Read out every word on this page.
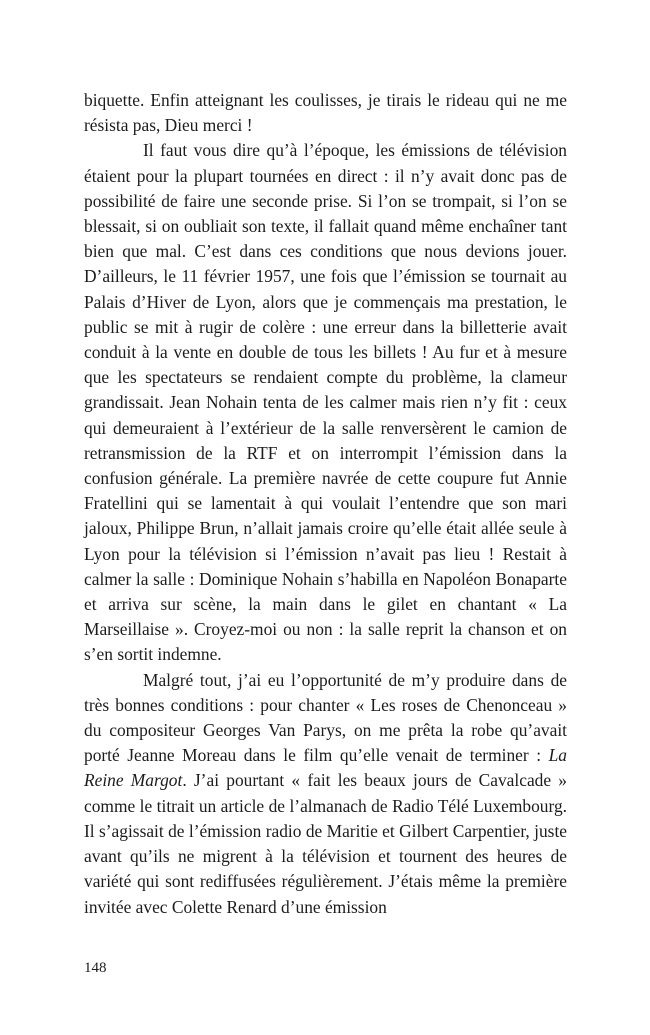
biquette. Enfin atteignant les coulisses, je tirais le rideau qui ne me résista pas, Dieu merci !

Il faut vous dire qu’à l’époque, les émissions de télévision étaient pour la plupart tournées en direct : il n’y avait donc pas de possibilité de faire une seconde prise. Si l’on se trompait, si l’on se blessait, si on oubliait son texte, il fallait quand même enchaîner tant bien que mal. C’est dans ces conditions que nous devions jouer. D’ailleurs, le 11 février 1957, une fois que l’émission se tournait au Palais d’Hiver de Lyon, alors que je commençais ma prestation, le public se mit à rugir de colère : une erreur dans la billetterie avait conduit à la vente en double de tous les billets ! Au fur et à mesure que les spectateurs se rendaient compte du problème, la clameur grandissait. Jean Nohain tenta de les calmer mais rien n’y fit : ceux qui demeuraient à l’extérieur de la salle renversèrent le camion de retransmission de la RTF et on interrompit l’émission dans la confusion générale. La première navrée de cette coupure fut Annie Fratellini qui se lamentait à qui voulait l’entendre que son mari jaloux, Philippe Brun, n’allait jamais croire qu’elle était allée seule à Lyon pour la télévision si l’émission n’avait pas lieu ! Restait à calmer la salle : Dominique Nohain s’habilla en Napoléon Bonaparte et arriva sur scène, la main dans le gilet en chantant « La Marseillaise ». Croyez-moi ou non : la salle reprit la chanson et on s’en sortit indemne.

Malgré tout, j’ai eu l’opportunité de m’y produire dans de très bonnes conditions : pour chanter « Les roses de Chenonceau » du compositeur Georges Van Parys, on me prêta la robe qu’avait porté Jeanne Moreau dans le film qu’elle venait de terminer : La Reine Margot. J’ai pourtant « fait les beaux jours de Cavalcade » comme le titrait un article de l’almanach de Radio Télé Luxembourg. Il s’agissait de l’émission radio de Maritie et Gilbert Carpentier, juste avant qu’ils ne migrent à la télévision et tournent des heures de variété qui sont rediffusées régulièrement. J’étais même la première invitée avec Colette Renard d’une émission

148
